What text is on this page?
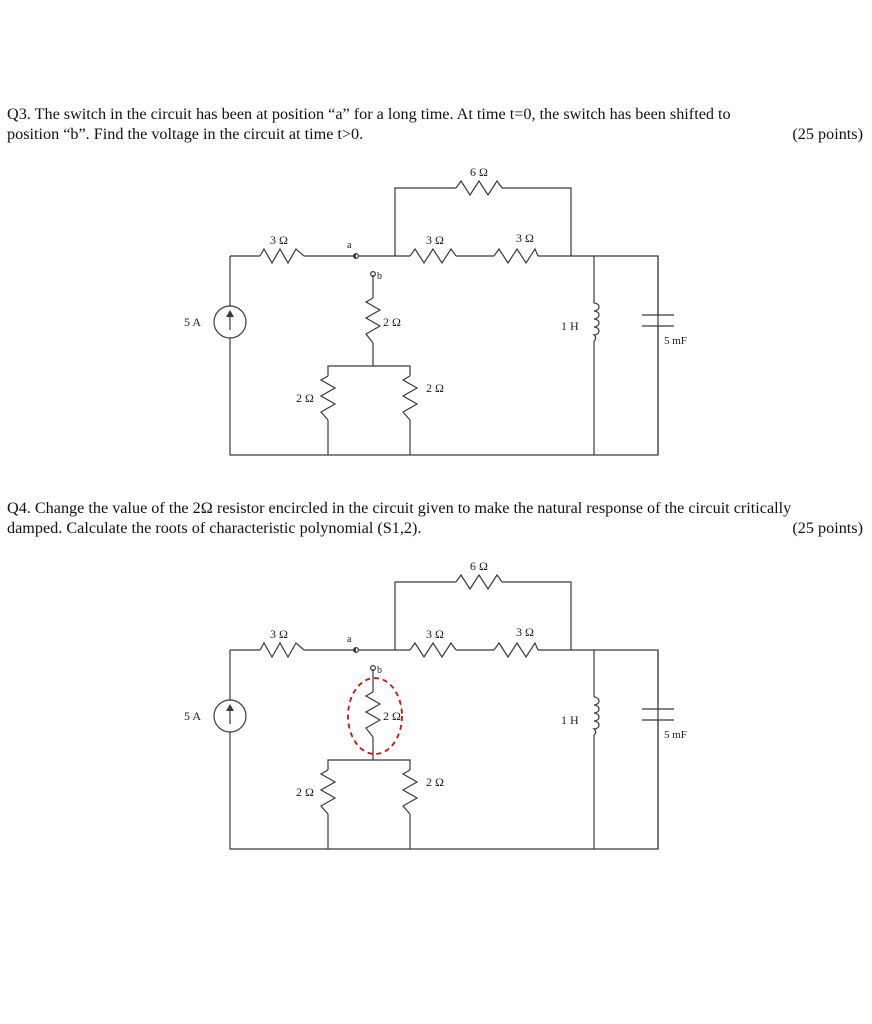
Q3. The switch in the circuit has been at position “a” for a long time. At time t=0, the switch has been shifted to

position “b”. Find the voltage in the circuit at time t>0.	(25 points)

Q4. Change the value of the 2Ω resistor encircled in the circuit given to make the natural response of the circuit critically

damped. Calculate the roots of characteristic polynomial (S1,2).	(25 points)
3 Ω	3 Ω	3 Ω
6 Ω
2 Ω
2 Ω
2 Ω
a
b
5 A	1 H
5 mF
3 Ω	3 Ω	3 Ω
6 Ω
2 Ω
2 Ω
2 Ω
a
b
5 A	1 H
5 mF
